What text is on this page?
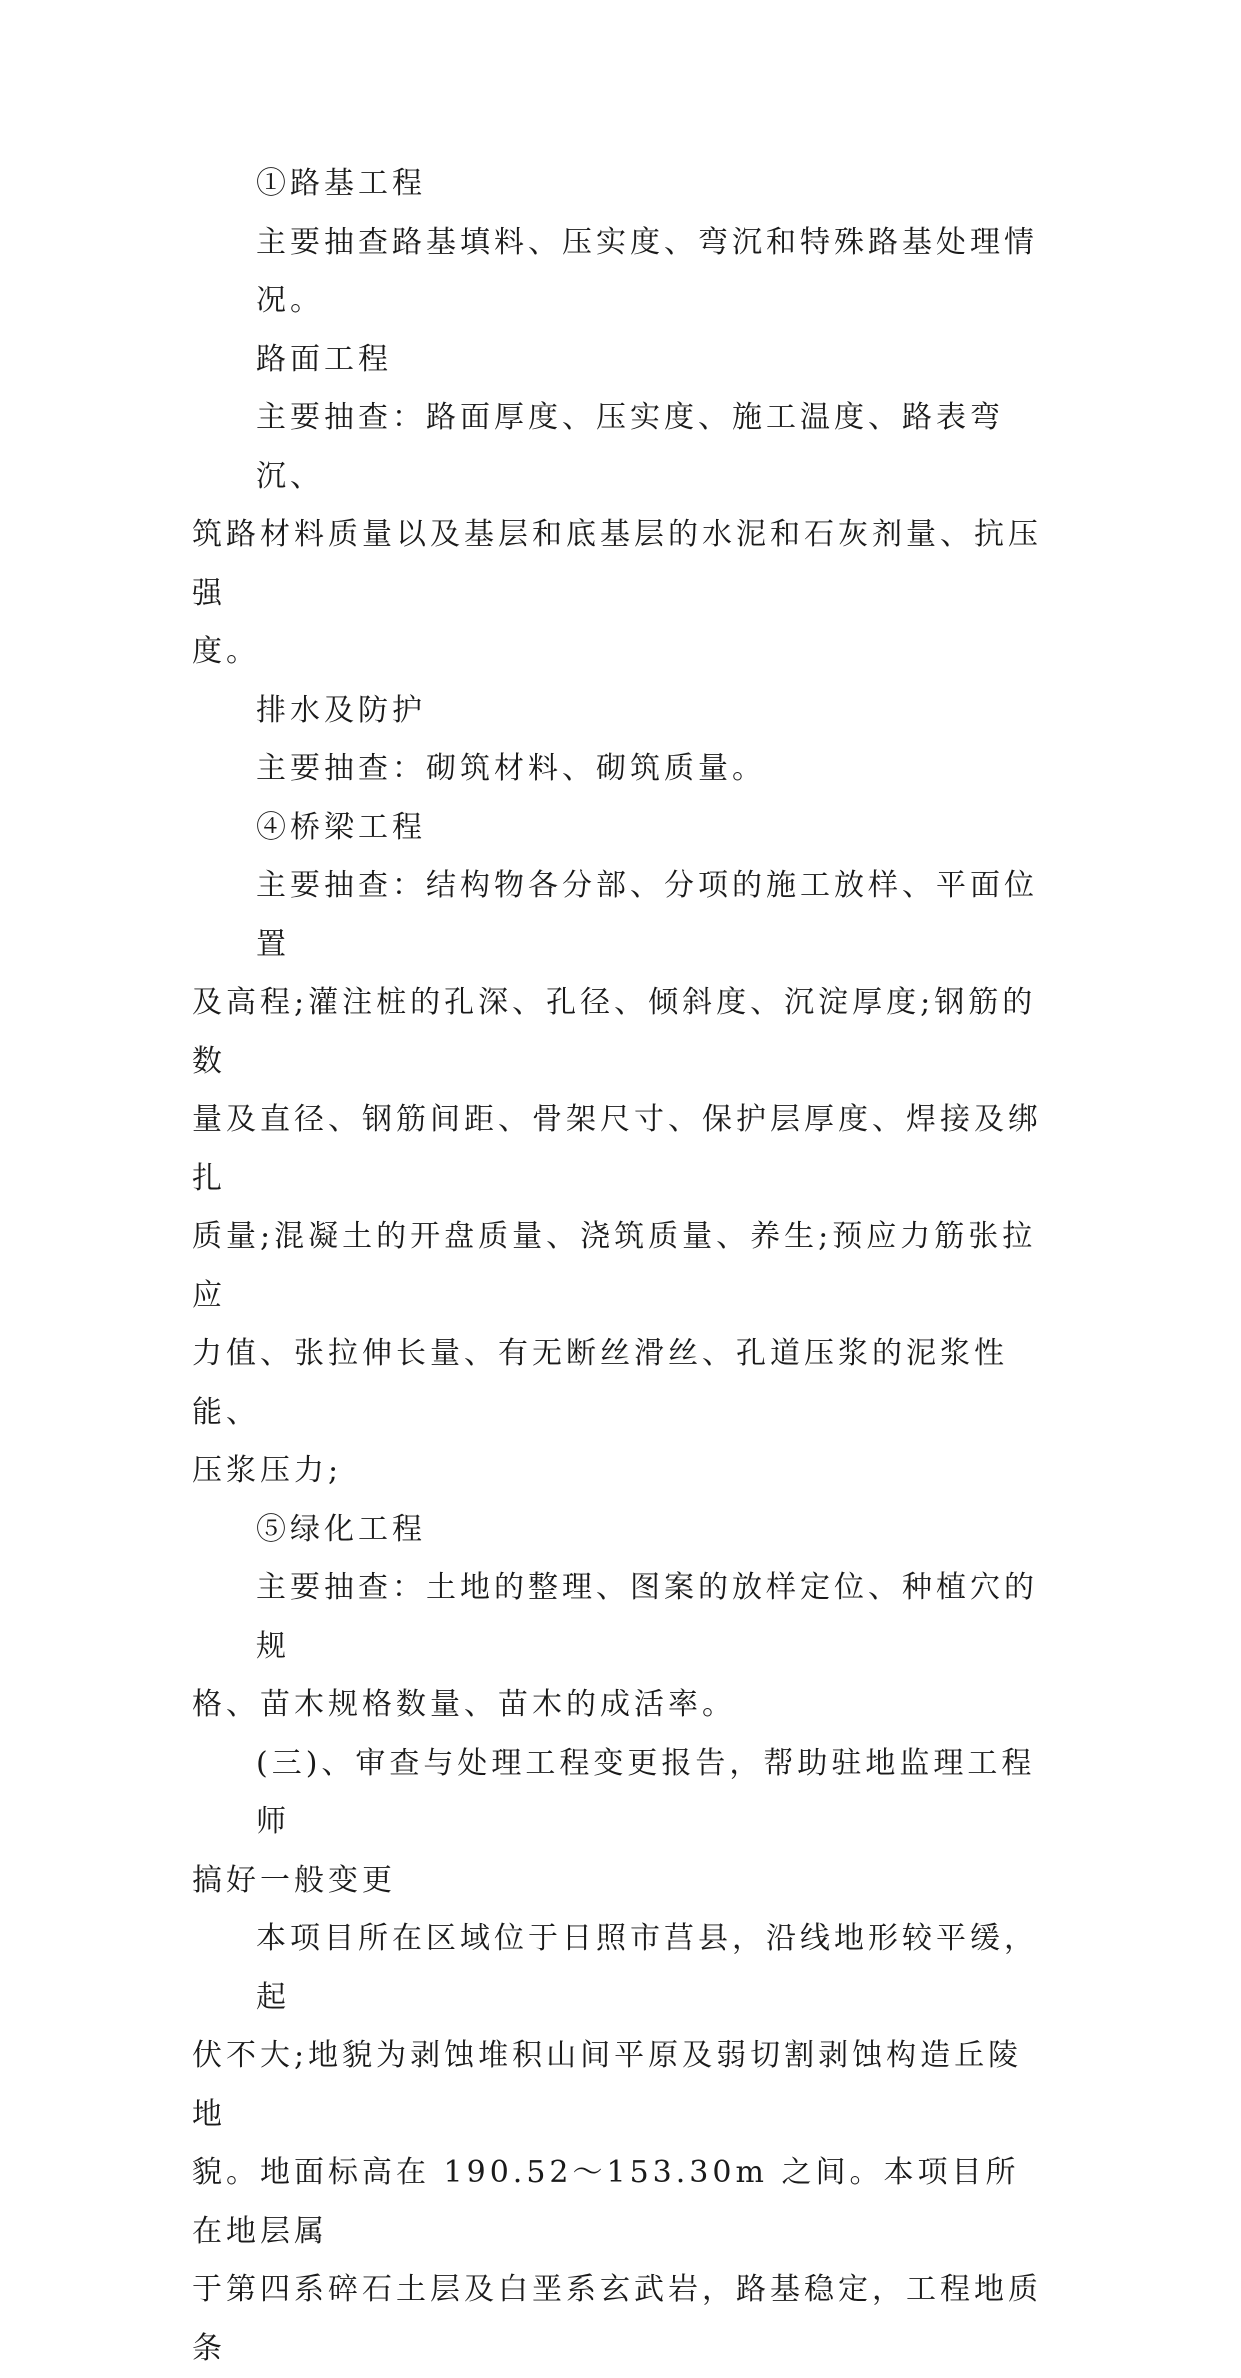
①路基工程
主要抽查路基填料、压实度、弯沉和特殊路基处理情况。
路面工程
主要抽查：路面厚度、压实度、施工温度、路表弯沉、
筑路材料质量以及基层和底基层的水泥和石灰剂量、抗压强
度。
排水及防护
主要抽查：砌筑材料、砌筑质量。
④桥梁工程
主要抽查：结构物各分部、分项的施工放样、平面位置
及高程;灌注桩的孔深、孔径、倾斜度、沉淀厚度;钢筋的数
量及直径、钢筋间距、骨架尺寸、保护层厚度、焊接及绑扎
质量;混凝土的开盘质量、浇筑质量、养生;预应力筋张拉应
力值、张拉伸长量、有无断丝滑丝、孔道压浆的泥浆性能、
压浆压力;
⑤绿化工程
主要抽查：土地的整理、图案的放样定位、种植穴的规
格、苗木规格数量、苗木的成活率。
(三)、审查与处理工程变更报告，帮助驻地监理工程师
搞好一般变更
本项目所在区域位于日照市莒县，沿线地形较平缓，起
伏不大;地貌为剥蚀堆积山间平原及弱切割剥蚀构造丘陵地
貌。地面标高在 190.52～153.30m 之间。本项目所在地层属
于第四系碎石土层及白垩系玄武岩，路基稳定，工程地质条
